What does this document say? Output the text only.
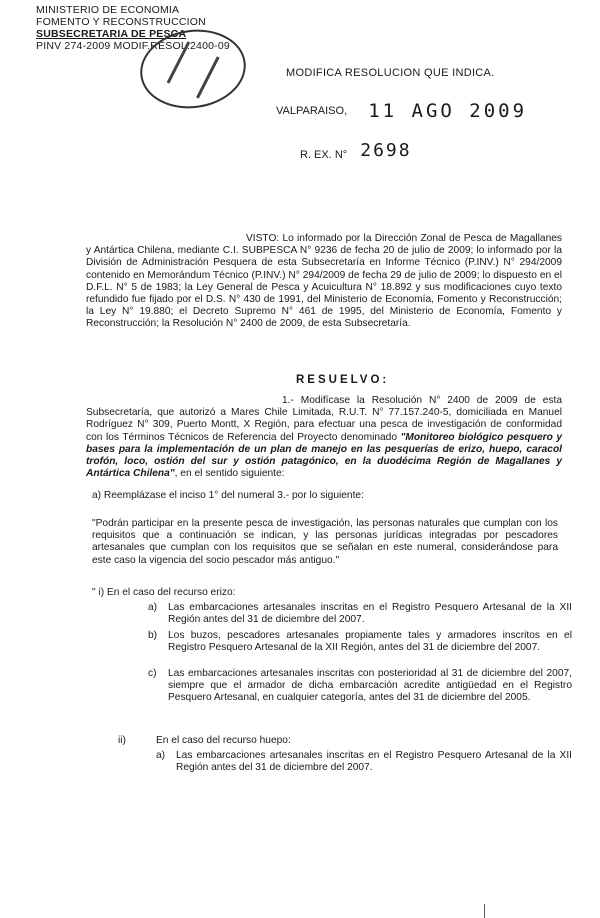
MINISTERIO DE ECONOMIA
FOMENTO Y RECONSTRUCCION
SUBSECRETARIA DE PESCA
PINV 274-2009 MODIF.RESOL.2400-09
MODIFICA RESOLUCION QUE INDICA.
VALPARAISO, 11 AGO 2009
R. EX. N° 2698
VISTO: Lo informado por la Dirección Zonal de Pesca de Magallanes y Antártica Chilena, mediante C.I. SUBPESCA N° 9236 de fecha 20 de julio de 2009; lo informado por la División de Administración Pesquera de esta Subsecretaría en Informe Técnico (P.INV.) N° 294/2009 contenido en Memorándum Técnico (P.INV.) N° 294/2009 de fecha 29 de julio de 2009; lo dispuesto en el D.F.L. N° 5 de 1983; la Ley General de Pesca y Acuicultura N° 18.892 y sus modificaciones cuyo texto refundido fue fijado por el D.S. N° 430 de 1991, del Ministerio de Economía, Fomento y Reconstrucción; la Ley N° 19.880; el Decreto Supremo N° 461 de 1995, del Ministerio de Economía, Fomento y Reconstrucción; la Resolución N° 2400 de 2009, de esta Subsecretaría.
RESUELVO:
1.- Modifícase la Resolución N° 2400 de 2009 de esta Subsecretaría, que autorizó a Mares Chile Limitada, R.U.T. N° 77.157.240-5, domiciliada en Manuel Rodríguez N° 309, Puerto Montt, X Región, para efectuar una pesca de investigación de conformidad con los Términos Técnicos de Referencia del Proyecto denominado "Monitoreo biológico pesquero y bases para la implementación de un plan de manejo en las pesquerías de erizo, huepo, caracol trofón, loco, ostión del sur y ostión patagónico, en la duodécima Región de Magallanes y Antártica Chilena", en el sentido siguiente:
a) Reemplázase el inciso 1° del numeral 3.- por lo siguiente:
"Podrán participar en la presente pesca de investigación, las personas naturales que cumplan con los requisitos que a continuación se indican, y las personas jurídicas integradas por pescadores artesanales que cumplan con los requisitos que se señalan en este numeral, considerándose para este caso la vigencia del socio pescador más antiguo."
" i) En el caso del recurso erizo:
a) Las embarcaciones artesanales inscritas en el Registro Pesquero Artesanal de la XII Región antes del 31 de diciembre del 2007.
b) Los buzos, pescadores artesanales propiamente tales y armadores inscritos en el Registro Pesquero Artesanal de la XII Región, antes del 31 de diciembre del 2007.
c) Las embarcaciones artesanales inscritas con posterioridad al 31 de diciembre del 2007, siempre que el armador de dicha embarcación acredite antigüedad en el Registro Pesquero Artesanal, en cualquier categoría, antes del 31 de diciembre del 2005.
ii)	En el caso del recurso huepo:
a) Las embarcaciones artesanales inscritas en el Registro Pesquero Artesanal de la XII Región antes del 31 de diciembre del 2007.
